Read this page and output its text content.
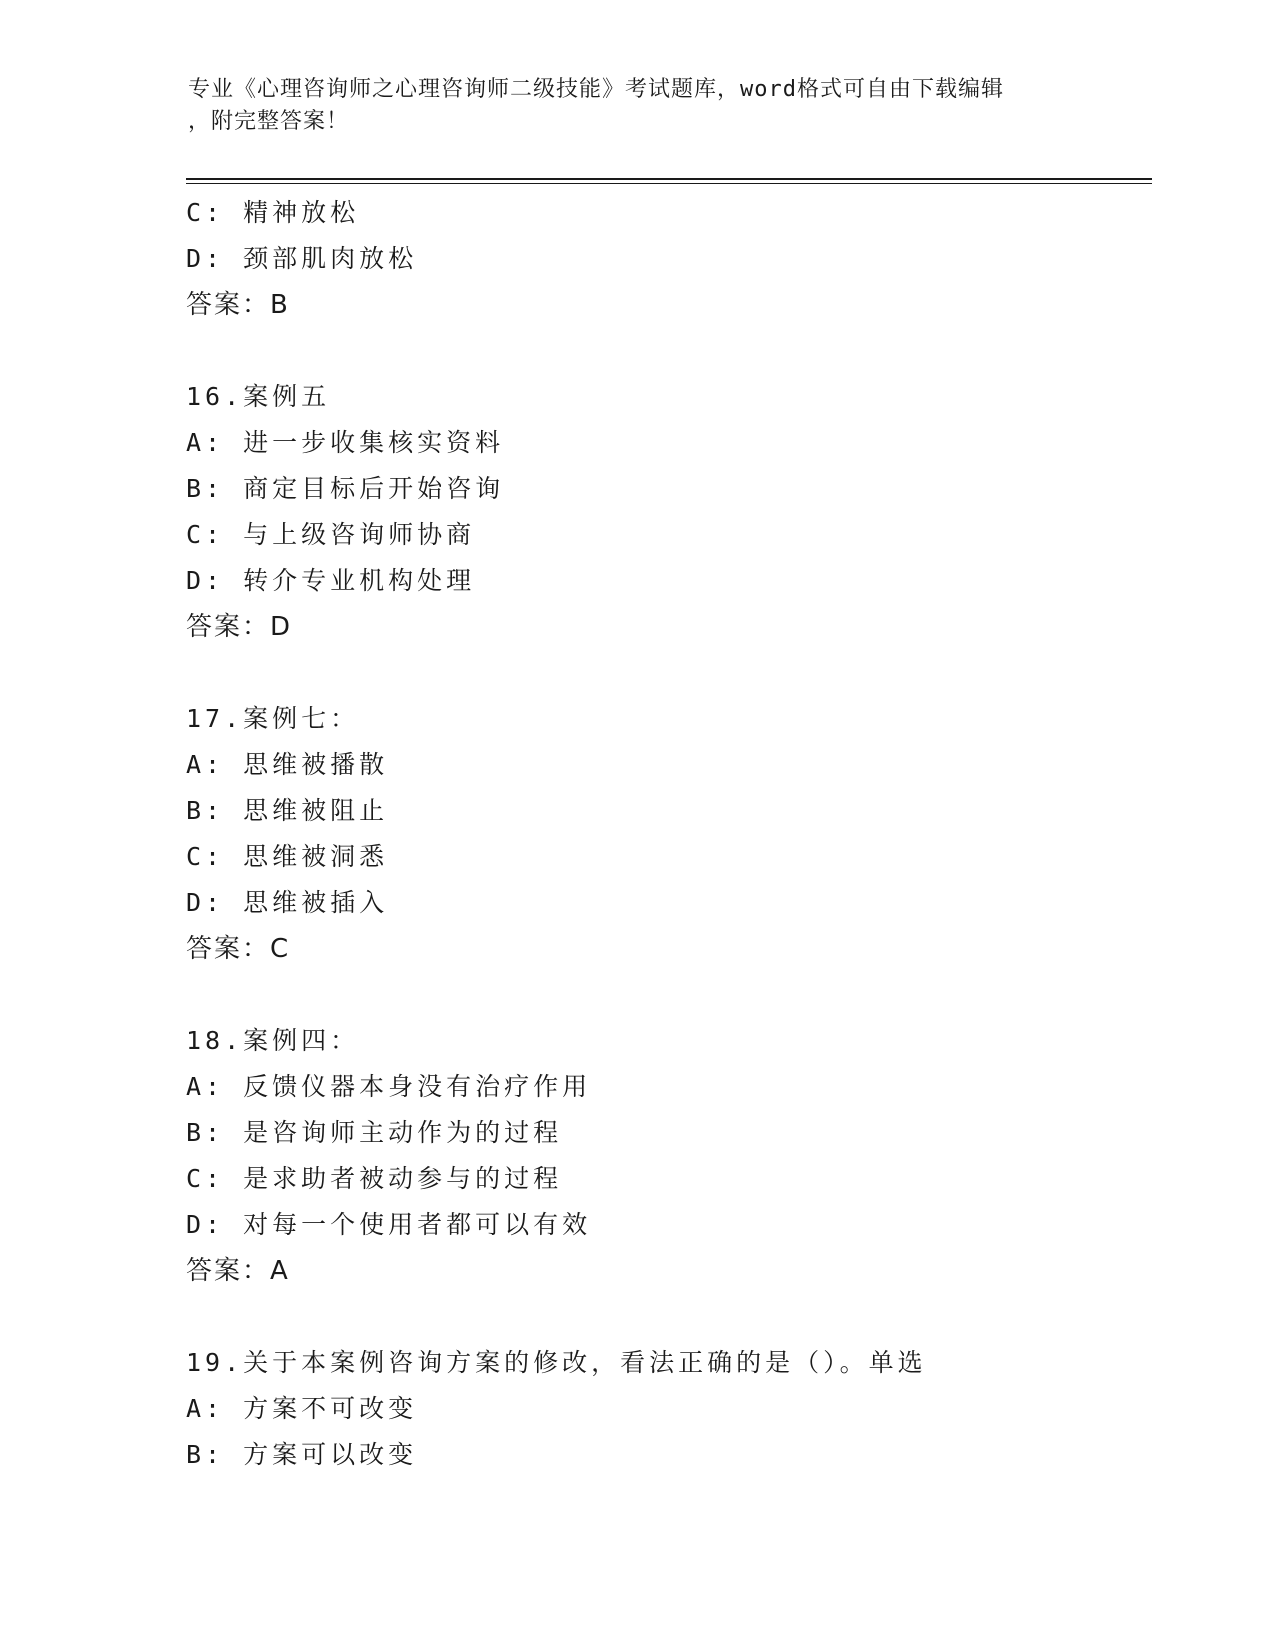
专业《心理咨询师之心理咨询师二级技能》考试题库，word格式可自由下载编辑
，附完整答案！
C: 精神放松
D: 颈部肌肉放松
答案：B
16.案例五
A: 进一步收集核实资料
B: 商定目标后开始咨询
C: 与上级咨询师协商
D: 转介专业机构处理
答案：D
17.案例七：
A: 思维被播散
B: 思维被阻止
C: 思维被洞悉
D: 思维被插入
答案：C
18.案例四：
A: 反馈仪器本身没有治疗作用
B: 是咨询师主动作为的过程
C: 是求助者被动参与的过程
D: 对每一个使用者都可以有效
答案：A
19.关于本案例咨询方案的修改，看法正确的是（）。单选
A: 方案不可改变
B: 方案可以改变
